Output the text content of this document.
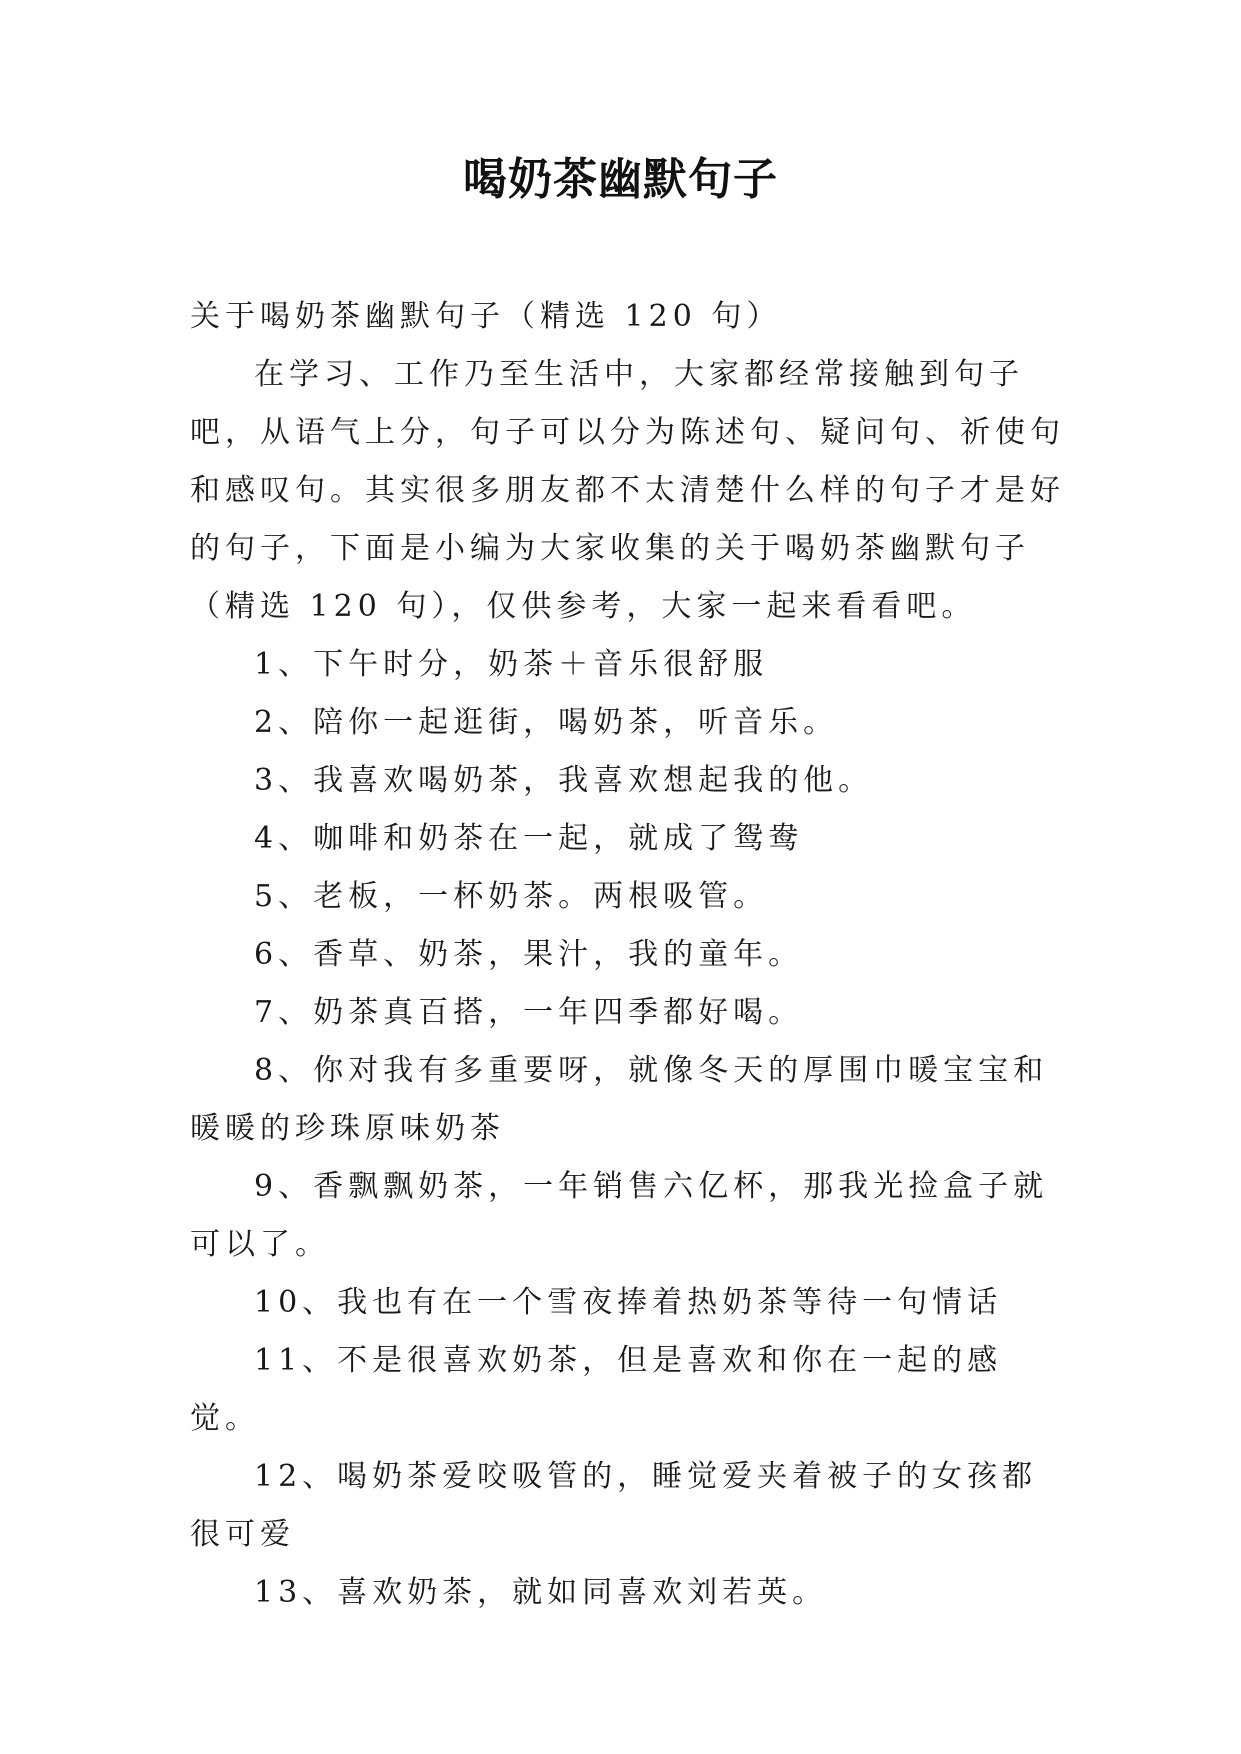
喝奶茶幽默句子

关于喝奶茶幽默句子（精选 120 句）

在学习、工作乃至生活中，大家都经常接触到句子吧，从语气上分，句子可以分为陈述句、疑问句、祈使句和感叹句。其实很多朋友都不太清楚什么样的句子才是好的句子，下面是小编为大家收集的关于喝奶茶幽默句子（精选 120 句），仅供参考，大家一起来看看吧。

1、下午时分，奶茶＋音乐很舒服

2、陪你一起逛街，喝奶茶，听音乐。

3、我喜欢喝奶茶，我喜欢想起我的他。

4、咖啡和奶茶在一起，就成了鸳鸯

5、老板，一杯奶茶。两根吸管。

6、香草、奶茶，果汁，我的童年。

7、奶茶真百搭，一年四季都好喝。

8、你对我有多重要呀，就像冬天的厚围巾暖宝宝和暖暖的珍珠原味奶茶

9、香飘飘奶茶，一年销售六亿杯，那我光捡盒子就可以了。

10、我也有在一个雪夜捧着热奶茶等待一句情话

11、不是很喜欢奶茶，但是喜欢和你在一起的感觉。

12、喝奶茶爱咬吸管的，睡觉爱夹着被子的女孩都很可爱

13、喜欢奶茶，就如同喜欢刘若英。
